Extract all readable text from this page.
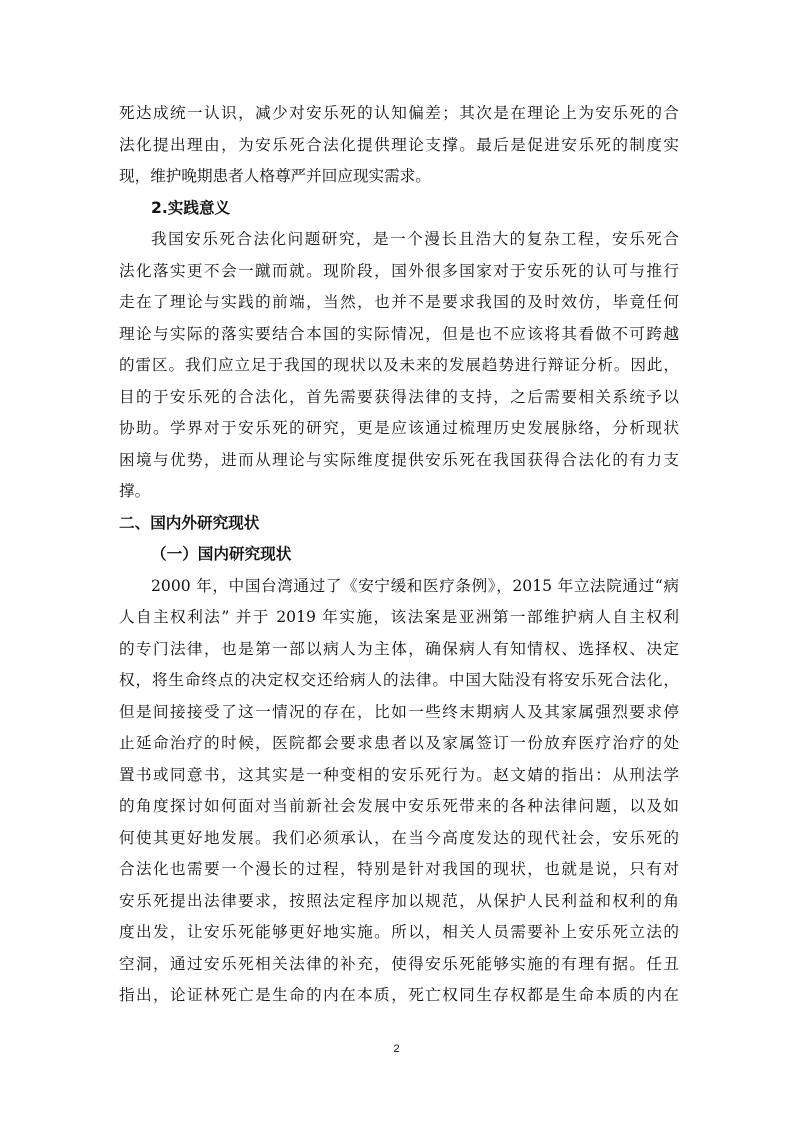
死达成统一认识，减少对安乐死的认知偏差；其次是在理论上为安乐死的合
法化提出理由，为安乐死合法化提供理论支撑。最后是促进安乐死的制度实
现，维护晚期患者人格尊严并回应现实需求。
2.实践意义
我国安乐死合法化问题研究，是一个漫长且浩大的复杂工程，安乐死合
法化落实更不会一蹴而就。现阶段，国外很多国家对于安乐死的认可与推行
走在了理论与实践的前端，当然，也并不是要求我国的及时效仿，毕竟任何
理论与实际的落实要结合本国的实际情况，但是也不应该将其看做不可跨越
的雷区。我们应立足于我国的现状以及未来的发展趋势进行辩证分析。因此，
目的于安乐死的合法化，首先需要获得法律的支持，之后需要相关系统予以
协助。学界对于安乐死的研究，更是应该通过梳理历史发展脉络，分析现状
困境与优势，进而从理论与实际维度提供安乐死在我国获得合法化的有力支
撑。
二、国内外研究现状
（一）国内研究现状
2000 年，中国台湾通过了《安宁缓和医疗条例》，2015 年立法院通过“病
人自主权利法” 并于 2019 年实施，该法案是亚洲第一部维护病人自主权利
的专门法律，也是第一部以病人为主体，确保病人有知情权、选择权、决定
权，将生命终点的决定权交还给病人的法律。中国大陆没有将安乐死合法化，
但是间接接受了这一情况的存在，比如一些终末期病人及其家属强烈要求停
止延命治疗的时候，医院都会要求患者以及家属签订一份放弃医疗治疗的处
置书或同意书，这其实是一种变相的安乐死行为。赵文婧的指出：从刑法学
的角度探讨如何面对当前新社会发展中安乐死带来的各种法律问题，以及如
何使其更好地发展。我们必须承认，在当今高度发达的现代社会，安乐死的
合法化也需要一个漫长的过程，特别是针对我国的现状，也就是说，只有对
安乐死提出法律要求，按照法定程序加以规范，从保护人民利益和权利的角
度出发，让安乐死能够更好地实施。所以，相关人员需要补上安乐死立法的
空洞，通过安乐死相关法律的补充，使得安乐死能够实施的有理有据。任丑
指出，论证林死亡是生命的内在本质，死亡权同生存权都是生命本质的内在
2
